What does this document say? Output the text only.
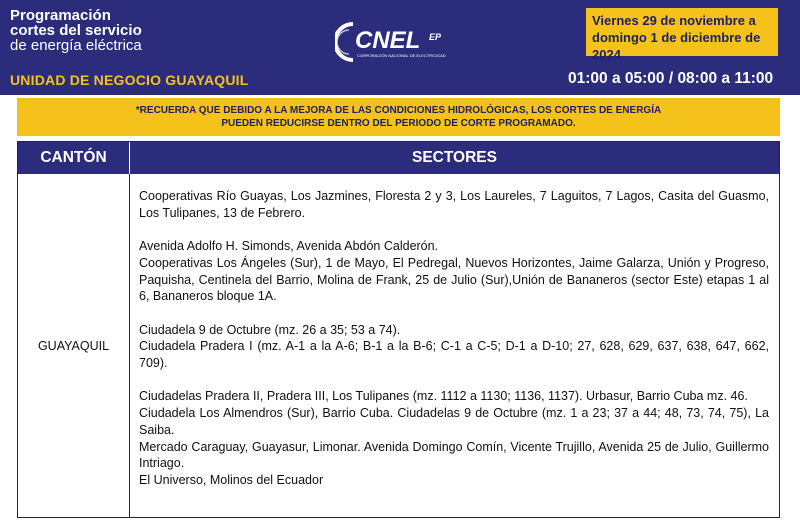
Programación
cortes del servicio
de energía eléctrica
UNIDAD DE NEGOCIO GUAYAQUIL
CNEL EP
CORPORACIÓN NACIONAL DE ELECTRICIDAD
Viernes 29 de noviembre a
domingo 1 de diciembre de 2024
01:00 a 05:00 / 08:00 a 11:00
*RECUERDA QUE DEBIDO A LA MEJORA DE LAS CONDICIONES HIDROLÓGICAS, LOS CORTES DE ENERGÍA
PUEDEN REDUCIRSE DENTRO DEL PERIODO DE CORTE PROGRAMADO.
CANTÓN	SECTORES
GUAYAQUIL

Cooperativas Río Guayas, Los Jazmines, Floresta 2 y 3, Los Laureles, 7 Laguitos, 7 Lagos, Casita del Guasmo, Los Tulipanes, 13 de Febrero.

Avenida Adolfo H. Simonds, Avenida Abdón Calderón.

Cooperativas Los Ángeles (Sur), 1 de Mayo, El Pedregal, Nuevos Horizontes, Jaime Galarza, Unión y Progreso, Paquisha, Centinela del Barrio, Molina de Frank, 25 de Julio (Sur),Unión de Bananeros (sector Este) etapas 1 al 6, Bananeros bloque 1A.

Ciudadela 9 de Octubre (mz. 26 a 35; 53 a 74).

Ciudadela Pradera I (mz. A-1 a la A-6; B-1 a la B-6; C-1 a C-5; D-1 a D-10; 27, 628, 629, 637, 638, 647, 662, 709).

Ciudadelas Pradera II, Pradera III, Los Tulipanes (mz. 1112 a 1130; 1136, 1137). Urbasur, Barrio Cuba mz. 46.

Ciudadela Los Almendros (Sur), Barrio Cuba. Ciudadelas 9 de Octubre (mz. 1 a 23; 37 a 44; 48, 73, 74, 75), La Saiba.

Mercado Caraguay, Guayasur, Limonar. Avenida Domingo Comín, Vicente Trujillo, Avenida 25 de Julio, Guillermo Intriago.

El Universo, Molinos del Ecuador
